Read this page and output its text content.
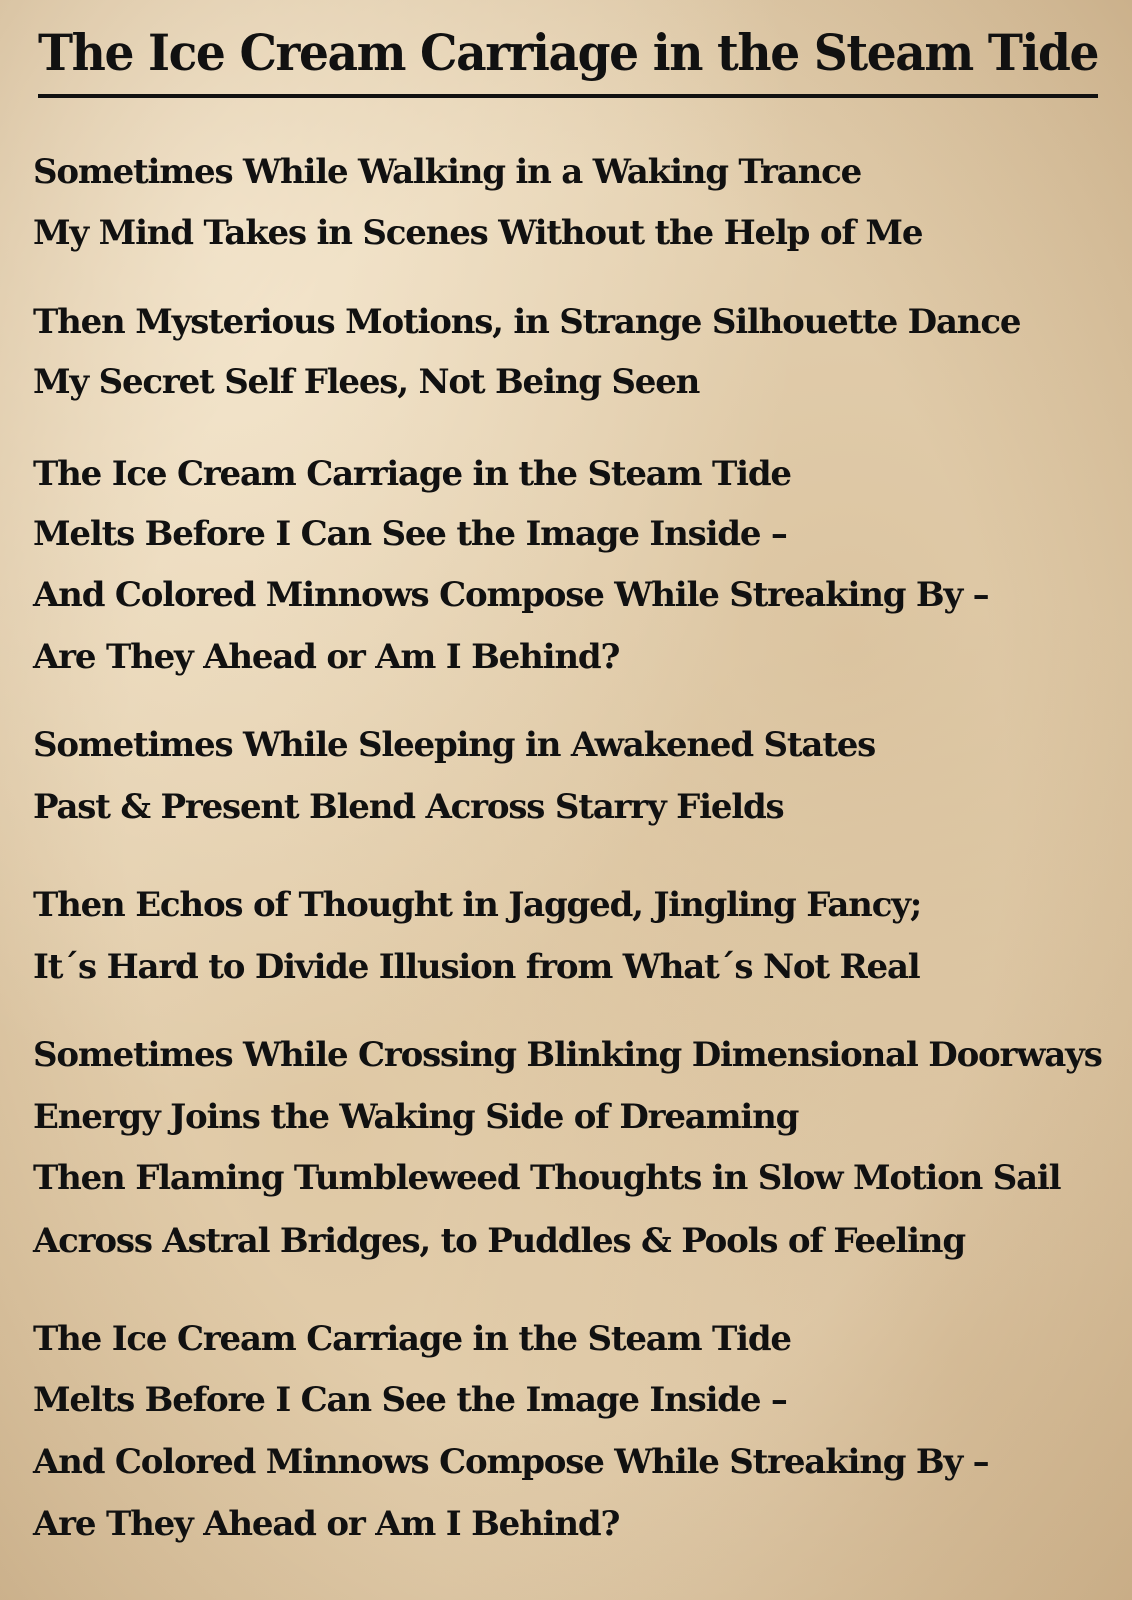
The Ice Cream Carriage in the Steam Tide
Sometimes While Walking in a Waking Trance
My Mind Takes in Scenes Without the Help of Me
Then Mysterious Motions, in Strange Silhouette Dance
My Secret Self Flees, Not Being Seen
The Ice Cream Carriage in the Steam Tide
Melts Before I Can See the Image Inside –
And Colored Minnows Compose While Streaking By –
Are They Ahead or Am I Behind?
Sometimes While Sleeping in Awakened States
Past & Present Blend Across Starry Fields
Then Echos of Thought in Jagged, Jingling Fancy;
It´s Hard to Divide Illusion from What´s Not Real
Sometimes While Crossing Blinking Dimensional Doorways
Energy Joins the Waking Side of Dreaming
Then Flaming Tumbleweed Thoughts in Slow Motion Sail
Across Astral Bridges, to Puddles & Pools of Feeling
The Ice Cream Carriage in the Steam Tide
Melts Before I Can See the Image Inside –
And Colored Minnows Compose While Streaking By –
Are They Ahead or Am I Behind?
